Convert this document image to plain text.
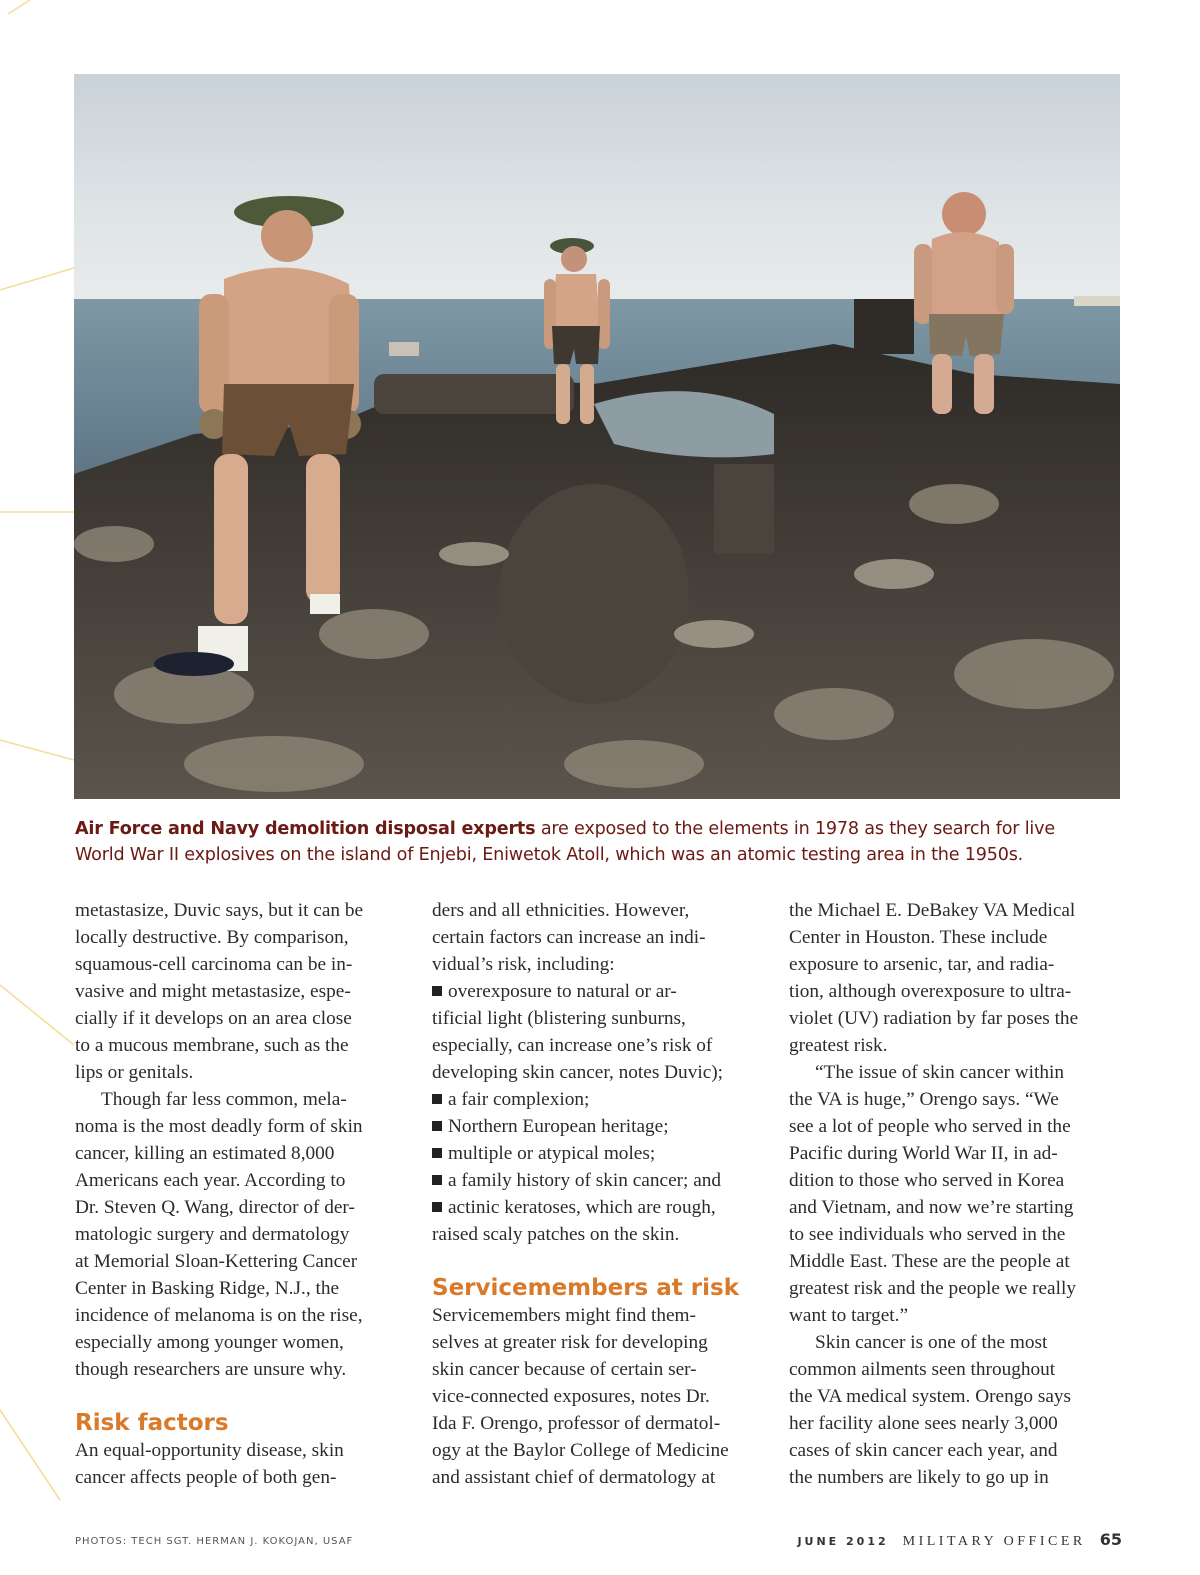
Air Force and Navy demolition disposal experts are exposed to the elements in 1978 as they search for live
World War II explosives on the island of Enjebi, Eniwetok Atoll, which was an atomic testing area in the 1950s.

metastasize, Duvic says, but it can be
locally destructive. By comparison,
squamous-cell carcinoma can be in-
vasive and might metastasize, espe-
cially if it develops on an area close
to a mucous membrane, such as the
lips or genitals.

Though far less common, mela-
noma is the most deadly form of skin
cancer, killing an estimated 8,000
Americans each year. According to
Dr. Steven Q. Wang, director of der-
matologic surgery and dermatology
at Memorial Sloan-Kettering Cancer
Center in Basking Ridge, N.J., the
incidence of melanoma is on the rise,
especially among younger women,
though researchers are unsure why.

Risk factors

An equal-opportunity disease, skin
cancer affects people of both gen-

ders and all ethnicities. However,
certain factors can increase an indi-
vidual’s risk, including:

overexposure to natural or ar-
tificial light (blistering sunburns,
especially, can increase one’s risk of
developing skin cancer, notes Duvic);

a fair complexion;

Northern European heritage;

multiple or atypical moles;

a family history of skin cancer; and

actinic keratoses, which are rough,
raised scaly patches on the skin.

Servicemembers at risk

Servicemembers might find them-
selves at greater risk for developing
skin cancer because of certain ser-
vice-connected exposures, notes Dr.
Ida F. Orengo, professor of dermatol-
ogy at the Baylor College of Medicine
and assistant chief of dermatology at

the Michael E. DeBakey VA Medical
Center in Houston. These include
exposure to arsenic, tar, and radia-
tion, although overexposure to ultra-
violet (UV) radiation by far poses the
greatest risk.

“The issue of skin cancer within
the VA is huge,” Orengo says. “We
see a lot of people who served in the
Pacific during World War II, in ad-
dition to those who served in Korea
and Vietnam, and now we’re starting
to see individuals who served in the
Middle East. These are the people at
greatest risk and the people we really
want to target.”

Skin cancer is one of the most
common ailments seen throughout
the VA medical system. Orengo says
her facility alone sees nearly 3,000
cases of skin cancer each year, and
the numbers are likely to go up in

PHOTOS: TECH SGT. HERMAN J. KOKOJAN, USAF	JUNE 2012 MILITARY OFFICER 65
